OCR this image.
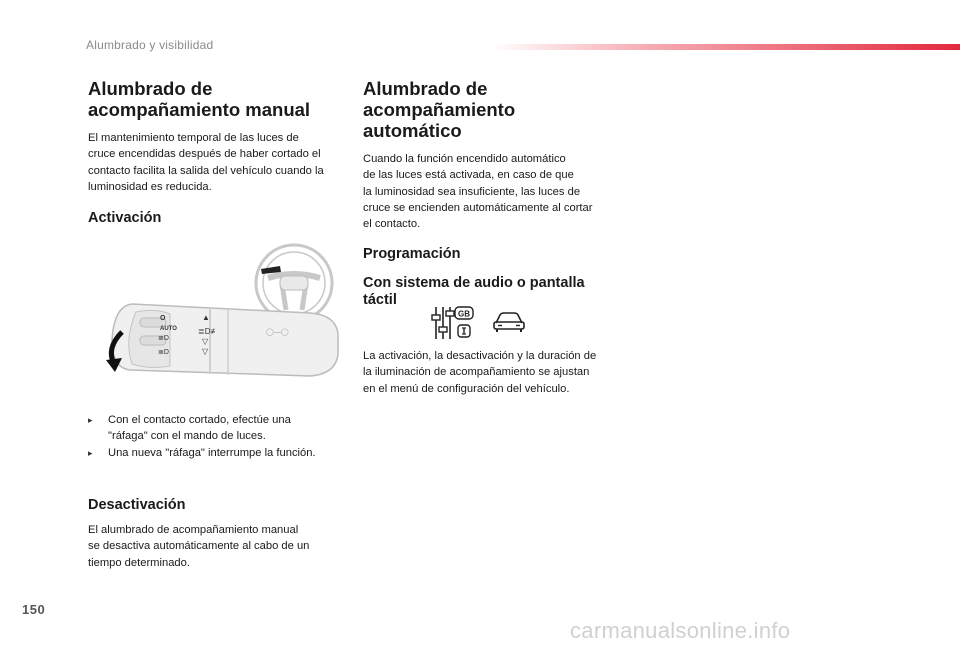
Alumbrado y visibilidad
Alumbrado de
acompañamiento manual

El mantenimiento temporal de las luces de
cruce encendidas después de haber cortado el
contacto facilita la salida del vehículo cuando la
luminosidad es reducida.

Activación
O
AUTO
≣D
≣D
▲
≣D≢
▽
▽
◯—◯
▸ Con el contacto cortado, efectúe una
"ráfaga" con el mando de luces.
▸ Una nueva "ráfaga" interrumpe la función.
Desactivación

El alumbrado de acompañamiento manual
se desactiva automáticamente al cabo de un
tiempo determinado.

Alumbrado de
acompañamiento
automático

Cuando la función encendido automático
de las luces está activada, en caso de que
la luminosidad sea insuficiente, las luces de
cruce se encienden automáticamente al cortar
el contacto.

Programación
Con sistema de audio o pantalla
táctil
GB

La activación, la desactivación y la duración de
la iluminación de acompañamiento se ajustan
en el menú de configuración del vehículo.

150
carmanualsonline.info
